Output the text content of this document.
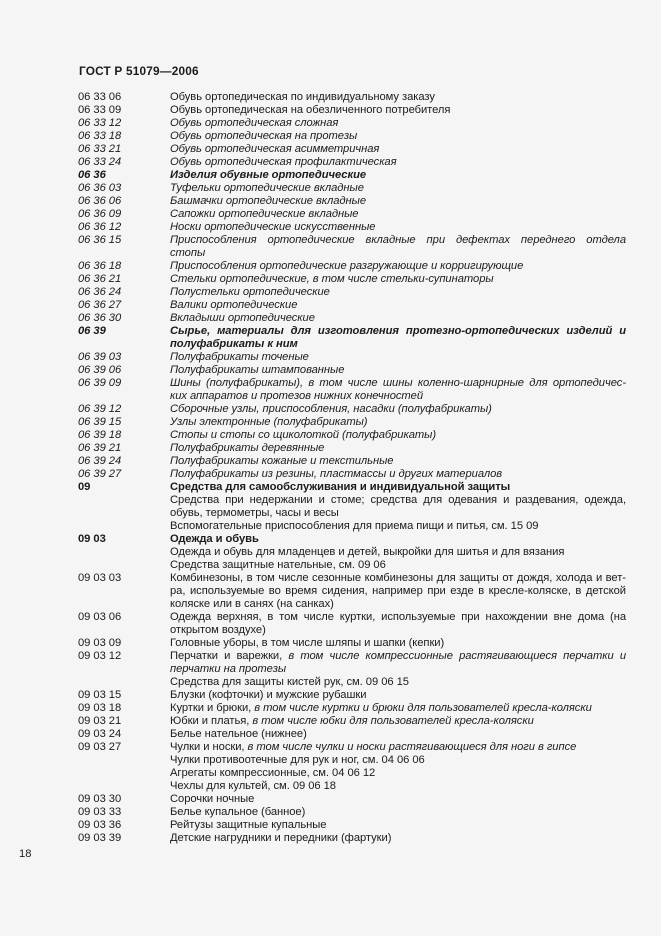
ГОСТ Р 51079—2006
06 33 06	Обувь ортопедическая по индивидуальному заказу
06 33 09	Обувь ортопедическая на обезличенного потребителя
06 33 12	Обувь ортопедическая сложная
06 33 18	Обувь ортопедическая на протезы
06 33 21	Обувь ортопедическая асимметричная
06 33 24	Обувь ортопедическая профилактическая
06 36	Изделия обувные ортопедические
06 36 03	Туфельки ортопедические вкладные
06 36 06	Башмачки ортопедические вкладные
06 36 09	Сапожки ортопедические вкладные
06 36 12	Носки ортопедические искусственные
06 36 15	Приспособления ортопедические вкладные при дефектах переднего отдела
стопы
06 36 18	Приспособления ортопедические разгружающие и корригирующие
06 36 21	Стельки ортопедические, в том числе стельки-супинаторы
06 36 24	Полустельки ортопедические
06 36 27	Валики ортопедические
06 36 30	Вкладыши ортопедические
06 39	Сырье, материалы для изготовления протезно-ортопедических изделий и
полуфабрикаты к ним
06 39 03	Полуфабрикаты точеные
06 39 06	Полуфабрикаты штампованные
06 39 09	Шины (полуфабрикаты), в том числе шины коленно-шарнирные для ортопедичес-
ких аппаратов и протезов нижних конечностей
06 39 12	Сборочные узлы, приспособления, насадки (полуфабрикаты)
06 39 15	Узлы электронные (полуфабрикаты)
06 39 18	Стопы и стопы со щиколоткой (полуфабрикаты)
06 39 21	Полуфабрикаты деревянные
06 39 24	Полуфабрикаты кожаные и текстильные
06 39 27	Полуфабрикаты из резины, пластмассы и других материалов
09	Средства для самообслуживания и индивидуальной защиты
Средства при недержании и стоме; средства для одевания и раздевания, одежда,
обувь, термометры, часы и весы
Вспомогательные приспособления для приема пищи и питья, см. 15 09
09 03	Одежда и обувь
Одежда и обувь для младенцев и детей, выкройки для шитья и для вязания
Средства защитные нательные, см. 09 06
09 03 03	Комбинезоны, в том числе сезонные комбинезоны для защиты от дождя, холода и вет-
ра, используемые во время сидения, например при езде в кресле-коляске, в детской
коляске или в санях (на санках)
09 03 06	Одежда верхняя, в том числе куртки, используемые при нахождении вне дома (на
открытом воздухе)
09 03 09	Головные уборы, в том числе шляпы и шапки (кепки)
09 03 12	Перчатки и варежки, в том числе компрессионные растягивающиеся перчатки и
перчатки на протезы
Средства для защиты кистей рук, см. 09 06 15
09 03 15	Блузки (кофточки) и мужские рубашки
09 03 18	Куртки и брюки, в том числе куртки и брюки для пользователей кресла-коляски
09 03 21	Юбки и платья, в том числе юбки для пользователей кресла-коляски
09 03 24	Белье нательное (нижнее)
09 03 27	Чулки и носки, в том числе чулки и носки растягивающиеся для ноги в гипсе
Чулки противоотечные для рук и ног, см. 04 06 06
Агрегаты компрессионные, см. 04 06 12
Чехлы для культей, см. 09 06 18
09 03 30	Сорочки ночные
09 03 33	Белье купальное (банное)
09 03 36	Рейтузы защитные купальные
09 03 39	Детские нагрудники и передники (фартуки)
18
